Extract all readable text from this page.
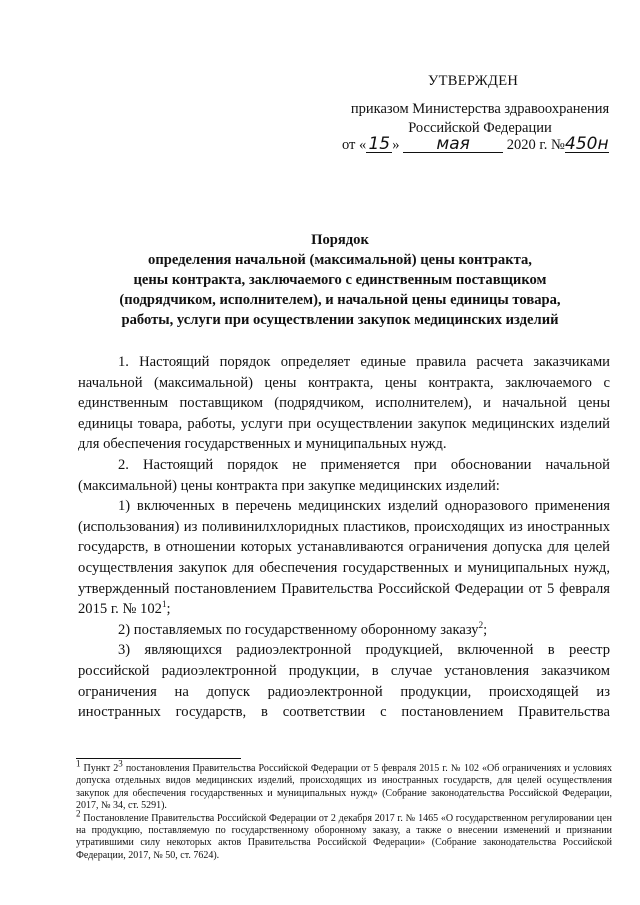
УТВЕРЖДЕН
приказом Министерства здравоохранения
Российской Федерации
от « 15 » мая	2020 г. №450н
Порядок
определения начальной (максимальной) цены контракта,
цены контракта, заключаемого с единственным поставщиком
(подрядчиком, исполнителем), и начальной цены единицы товара,
работы, услуги при осуществлении закупок медицинских изделий

1. Настоящий порядок определяет единые правила расчета заказчиками начальной (максимальной) цены контракта, цены контракта, заключаемого с единственным поставщиком (подрядчиком, исполнителем), и начальной цены единицы товара, работы, услуги при осуществлении закупок медицинских изделий для обеспечения государственных и муниципальных нужд.

2. Настоящий порядок не применяется при обосновании начальной (максимальной) цены контракта при закупке медицинских изделий:

1) включенных в перечень медицинских изделий одноразового применения (использования) из поливинилхлоридных пластиков, происходящих из иностранных государств, в отношении которых устанавливаются ограничения допуска для целей осуществления закупок для обеспечения государственных и муниципальных нужд, утвержденный постановлением Правительства Российской Федерации от 5 февраля 2015 г. № $102^1$;

2) поставляемых по государственному оборонному заказу$^2$;

3) являющихся радиоэлектронной продукцией, включенной в реестр российской радиоэлектронной продукции, в случае установления заказчиком ограничения на допуск радиоэлектронной продукции, происходящей из иностранных государств, в соответствии с постановлением Правительства

$^1$ Пункт $2^3$ постановления Правительства Российской Федерации от 5 февраля 2015 г. № 102 «Об ограничениях и условиях допуска отдельных видов медицинских изделий, происходящих из иностранных государств, для целей осуществления закупок для обеспечения государственных и муниципальных нужд» (Собрание законодательства Российской Федерации, 2017, № 34, ст. 5291).

$^2$ Постановление Правительства Российской Федерации от 2 декабря 2017 г. № 1465 «О государственном регулировании цен на продукцию, поставляемую по государственному оборонному заказу, а также о внесении изменений и признании утратившими силу некоторых актов Правительства Российской Федерации» (Собрание законодательства Российской Федерации, 2017, № 50, ст. 7624).
